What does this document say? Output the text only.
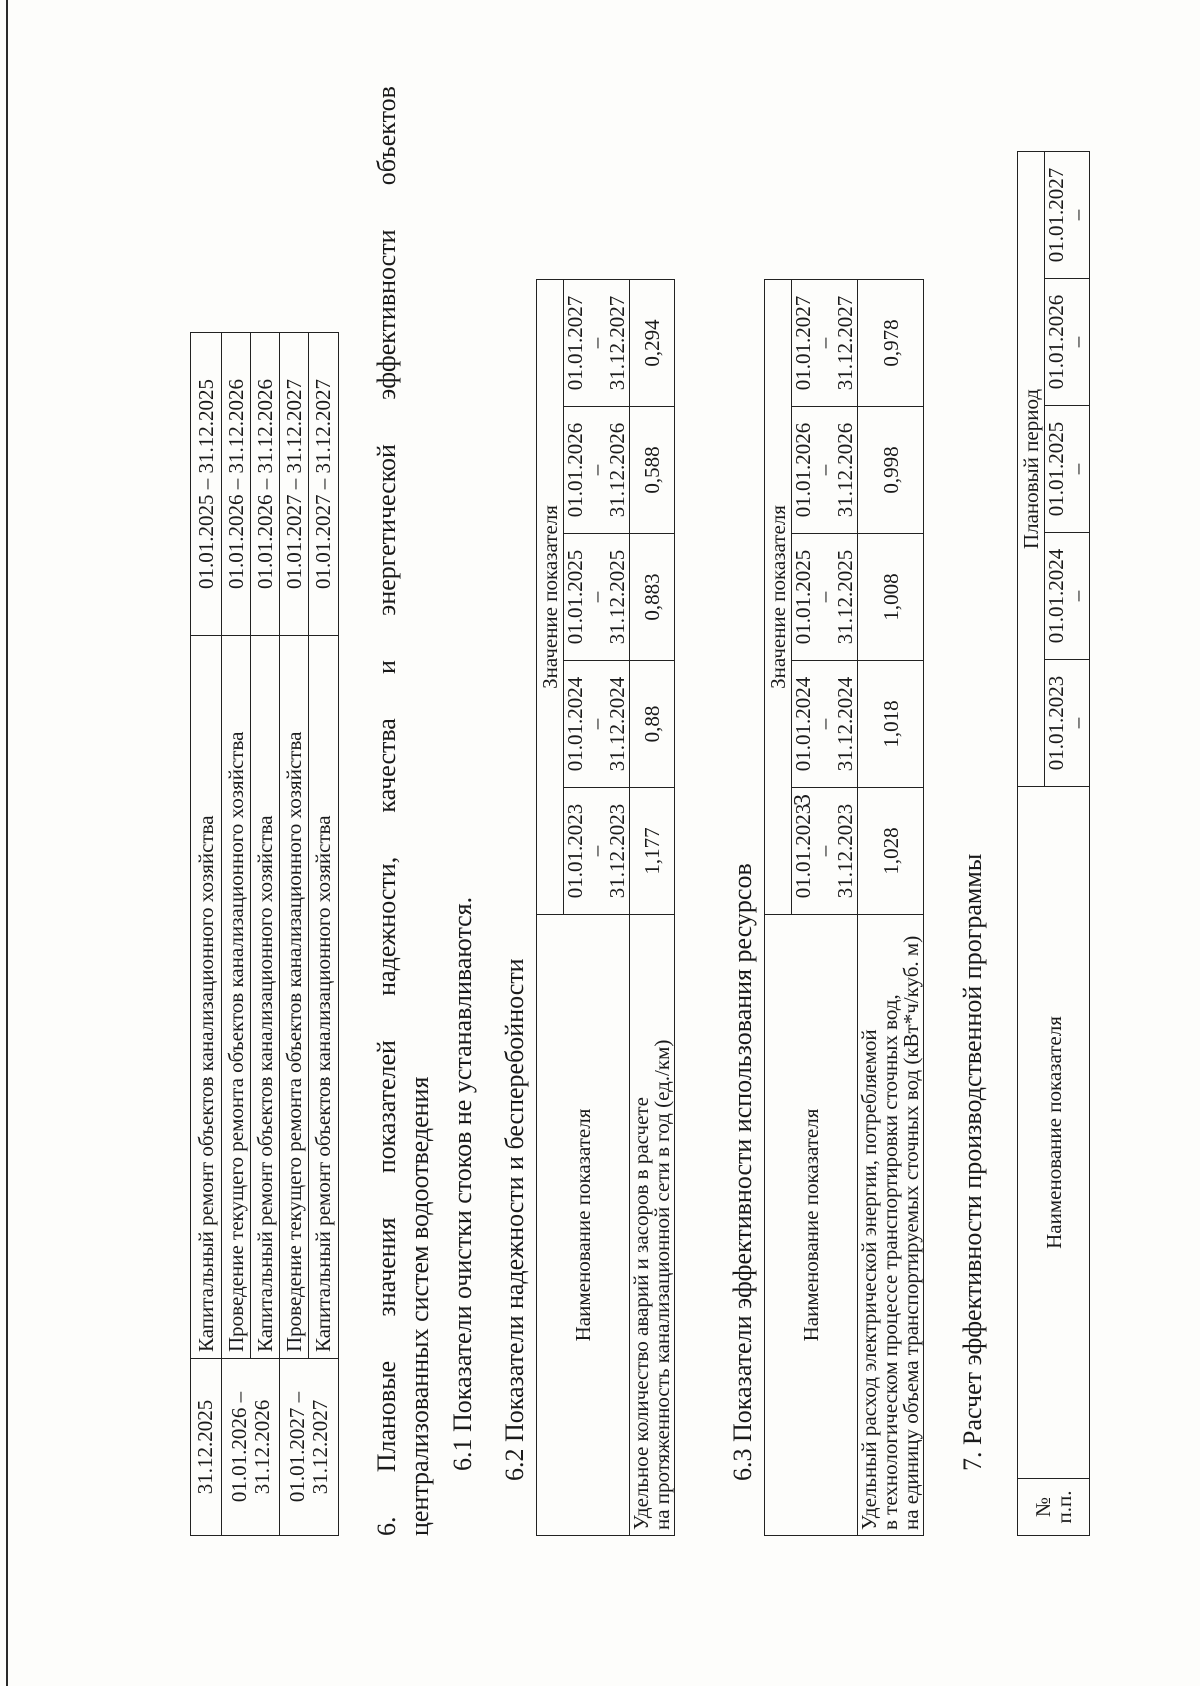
3
31.12.2025	Капитальный ремонт объектов канализационного хозяйства	01.01.2025 – 31.12.2025
01.01.2026 –
31.12.2026	Проведение текущего ремонта объектов канализационного хозяйства	01.01.2026 – 31.12.2026
	Капитальный ремонт объектов канализационного хозяйства	01.01.2026 – 31.12.2026
01.01.2027 –
31.12.2027	Проведение текущего ремонта объектов канализационного хозяйства	01.01.2027 – 31.12.2027
	Капитальный ремонт объектов канализационного хозяйства	01.01.2027 – 31.12.2027
6.
Плановые
значения
показателей
надежности,
качества
и
энергетической
эффективности
объектов
централизованных систем водоотведения 6.1 Показатели очистки стоков не устанавливаются. 6.2 Показатели надежности и бесперебойности Наименование показателя	Значение показателя				

	01.01.2023
–
31.12.2023	01.01.2024
–
31.12.2024	01.01.2025
–
31.12.2025	01.01.2026
–
31.12.2026	01.01.2027
–
31.12.2027

Удельное количество аварий и засоров в расчете
на протяженность канализационной сети в год (ед./км)	1,177	0,88	0,883	0,588	0,294
6.3 Показатели эффективности использования ресурсов Наименование показателя	Значение показателя				

	01.01.2023
–
31.12.2023	01.01.2024
–
31.12.2024	01.01.2025
–
31.12.2025	01.01.2026
–
31.12.2026	01.01.2027
–
31.12.2027

Удельный расход электрической энергии, потребляемой
в технологическом процессе транспортировки сточных вод,
на единицу объема транспортируемых сточных вод (кВт*ч/куб. м)	1,028	1,018	1,008	0,998	0,978
7. Расчет эффективности производственной программы
№
п.п.	Наименование показателя	Плановый период				

		01.01.2023
–	01.01.2024
–	01.01.2025
–	01.01.2026
–	01.01.2027
–
